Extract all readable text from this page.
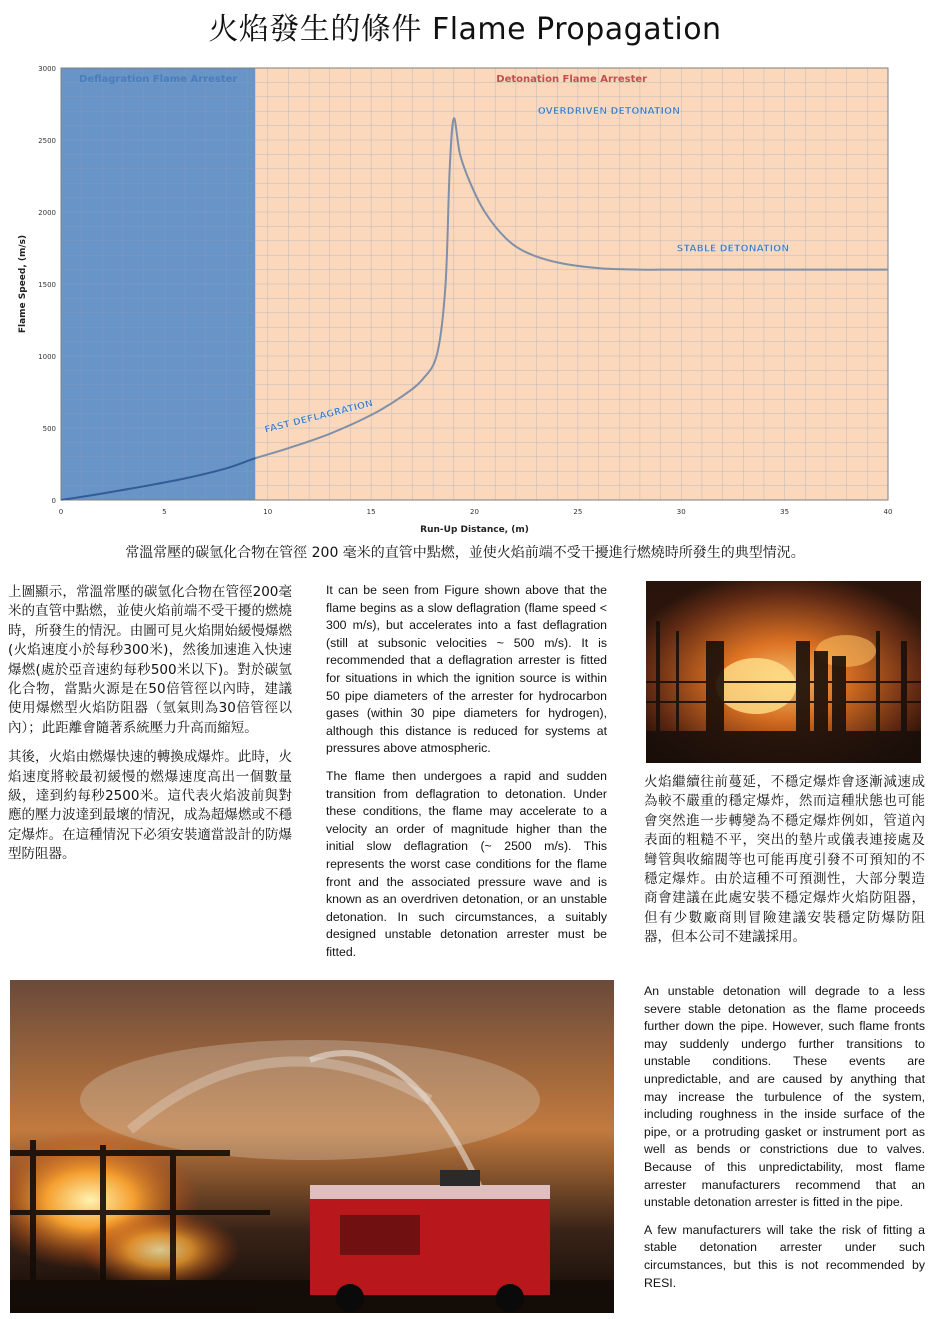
火焰發生的條件 Flame Propagation
Deflagration Flame Arrester	Detonation Flame Arrester
0	5	10	15	20	25	30	35	40
0
500
1000
1500
2000
2500
3000
Run-Up Distance, (m)
Flame Speed, (m/s)
OVERDRIVEN DETONATION
STABLE DETONATION
FAST DEFLAGRATION
常溫常壓的碳氫化合物在管徑 200 毫米的直管中點燃，並使火焰前端不受干擾進行燃燒時所發生的典型情況。

上圖顯示，常溫常壓的碳氫化合物在管徑200毫米的直管中點燃，並使火焰前端不受干擾的燃燒時，所發生的情況。由圖可見火焰開始緩慢爆燃(火焰速度小於每秒300米)，然後加速進入快速爆燃(處於亞音速約每秒500米以下)。對於碳氫化合物，當點火源是在50倍管徑以內時，建議使用爆燃型火焰防阻器（氫氣則為30倍管徑以內）；此距離會隨著系統壓力升高而縮短。

其後，火焰由燃爆快速的轉換成爆炸。此時，火焰速度將較最初緩慢的燃爆速度高出一個數量級，達到約每秒2500米。這代表火焰波前與對應的壓力波達到最壞的情況，成為超爆燃或不穩定爆炸。在這種情況下必須安裝適當設計的防爆型防阻器。

It can be seen from Figure shown above that the flame begins as a slow deflagration (flame speed < 300 m/s), but accelerates into a fast deflagration (still at subsonic velocities ~ 500 m/s). It is recommended that a deflagration arrester is fitted for situations in which the ignition source is within 50 pipe diameters of the arrester for hydrocarbon gases (within 30 pipe diameters for hydrogen), although this distance is reduced for systems at pressures above atmospheric.

The flame then undergoes a rapid and sudden transition from deflagration to detonation. Under these conditions, the flame may accelerate to a velocity an order of magnitude higher than the initial slow deflagration (~ 2500 m/s). This represents the worst case conditions for the flame front and the associated pressure wave and is known as an overdriven detonation, or an unstable detonation. In such circumstances, a suitably designed unstable detonation arrester must be fitted.

火焰繼續往前蔓延，不穩定爆炸會逐漸減速成為較不嚴重的穩定爆炸，然而這種狀態也可能會突然進一步轉變為不穩定爆炸例如，管道內表面的粗糙不平，突出的墊片或儀表連接處及彎管與收縮閥等也可能再度引發不可預知的不穩定爆炸。由於這種不可預測性，大部分製造商會建議在此處安裝不穩定爆炸火焰防阻器，但有少數廠商則冒險建議安裝穩定防爆防阻器，但本公司不建議採用。

An unstable detonation will degrade to a less severe stable detonation as the flame proceeds further down the pipe. However, such flame fronts may suddenly undergo further transitions to unstable conditions. These events are unpredictable, and are caused by anything that may increase the turbulence of the system, including roughness in the inside surface of the pipe, or a protruding gasket or instrument port as well as bends or constrictions due to valves. Because of this unpredictability, most flame arrester manufacturers recommend that an unstable detonation arrester is fitted in the pipe.

A few manufacturers will take the risk of fitting a stable detonation arrester under such circumstances, but this is not recommended by RESI.
